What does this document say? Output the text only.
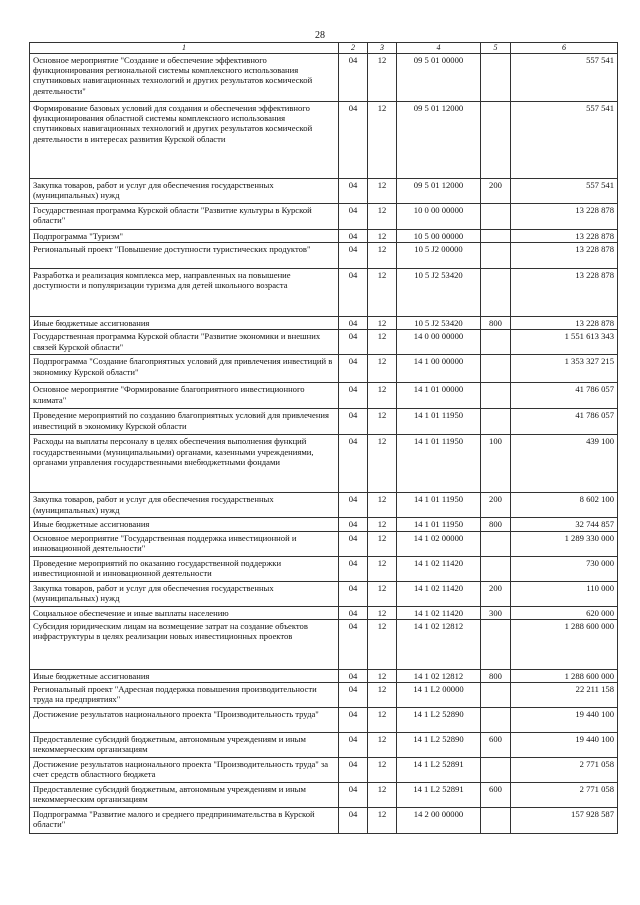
28
1	2	3	4	5	6
Основное мероприятие "Создание и обеспечение эффективного функционирования региональной системы комплексного использования спутниковых навигационных технологий и других результатов космической деятельности"	04	12	09 5 01 00000		557 541
Формирование базовых условий для создания и обеспечения эффективного функционирования областной системы комплексного использования спутниковых навигационных технологий и других результатов космической деятельности в интересах развития Курской области	04	12	09 5 01 12000		557 541
Закупка товаров, работ и услуг для обеспечения государственных (муниципальных) нужд	04	12	09 5 01 12000	200	557 541
Государственная программа Курской области "Развитие культуры в Курской области"	04	12	10 0 00 00000		13 228 878
Подпрограмма "Туризм"	04	12	10 5 00 00000		13 228 878
Региональный проект "Повышение доступности туристических продуктов"	04	12	10 5 J2 00000		13 228 878
Разработка и реализация комплекса мер, направленных на повышение доступности и популяризации туризма для детей школьного возраста	04	12	10 5 J2 53420		13 228 878
Иные бюджетные ассигнования	04	12	10 5 J2 53420	800	13 228 878
Государственная программа Курской области "Развитие экономики и внешних связей Курской области"	04	12	14 0 00 00000		1 551 613 343
Подпрограмма "Создание благоприятных условий для привлечения инвестиций в экономику Курской области"	04	12	14 1 00 00000		1 353 327 215
Основное мероприятие "Формирование благоприятного инвестиционного климата"	04	12	14 1 01 00000		41 786 057
Проведение мероприятий по созданию благоприятных условий для привлечения инвестиций в экономику Курской области	04	12	14 1 01 11950		41 786 057
Расходы на выплаты персоналу в целях обеспечения выполнения функций государственными (муниципальными) органами, казенными учреждениями, органами управления государственными внебюджетными фондами	04	12	14 1 01 11950	100	439 100
Закупка товаров, работ и услуг для обеспечения государственных (муниципальных) нужд	04	12	14 1 01 11950	200	8 602 100
Иные бюджетные ассигнования	04	12	14 1 01 11950	800	32 744 857
Основное мероприятие "Государственная поддержка инвестиционной и инновационной деятельности"	04	12	14 1 02 00000		1 289 330 000
Проведение мероприятий по оказанию государственной поддержки инвестиционной и инновационной деятельности	04	12	14 1 02 11420		730 000
Закупка товаров, работ и услуг для обеспечения государственных (муниципальных) нужд	04	12	14 1 02 11420	200	110 000
Социальное обеспечение и иные выплаты населению	04	12	14 1 02 11420	300	620 000
Субсидия юридическим лицам на возмещение затрат на создание объектов инфраструктуры в целях реализации новых инвестиционных проектов	04	12	14 1 02 12812		1 288 600 000
Иные бюджетные ассигнования	04	12	14 1 02 12812	800	1 288 600 000
Региональный проект "Адресная поддержка повышения производительности труда на предприятиях"	04	12	14 1 L2 00000		22 211 158
Достижение результатов национального проекта "Производительность труда"	04	12	14 1 L2 52890		19 440 100
Предоставление субсидий бюджетным, автономным учреждениям и иным некоммерческим организациям	04	12	14 1 L2 52890	600	19 440 100
Достижение результатов национального проекта "Производительность труда" за счет средств областного бюджета	04	12	14 1 L2 52891		2 771 058
Предоставление субсидий бюджетным, автономным учреждениям и иным некоммерческим организациям	04	12	14 1 L2 52891	600	2 771 058
Подпрограмма "Развитие малого и среднего предпринимательства в Курской области"	04	12	14 2 00 00000		157 928 587
